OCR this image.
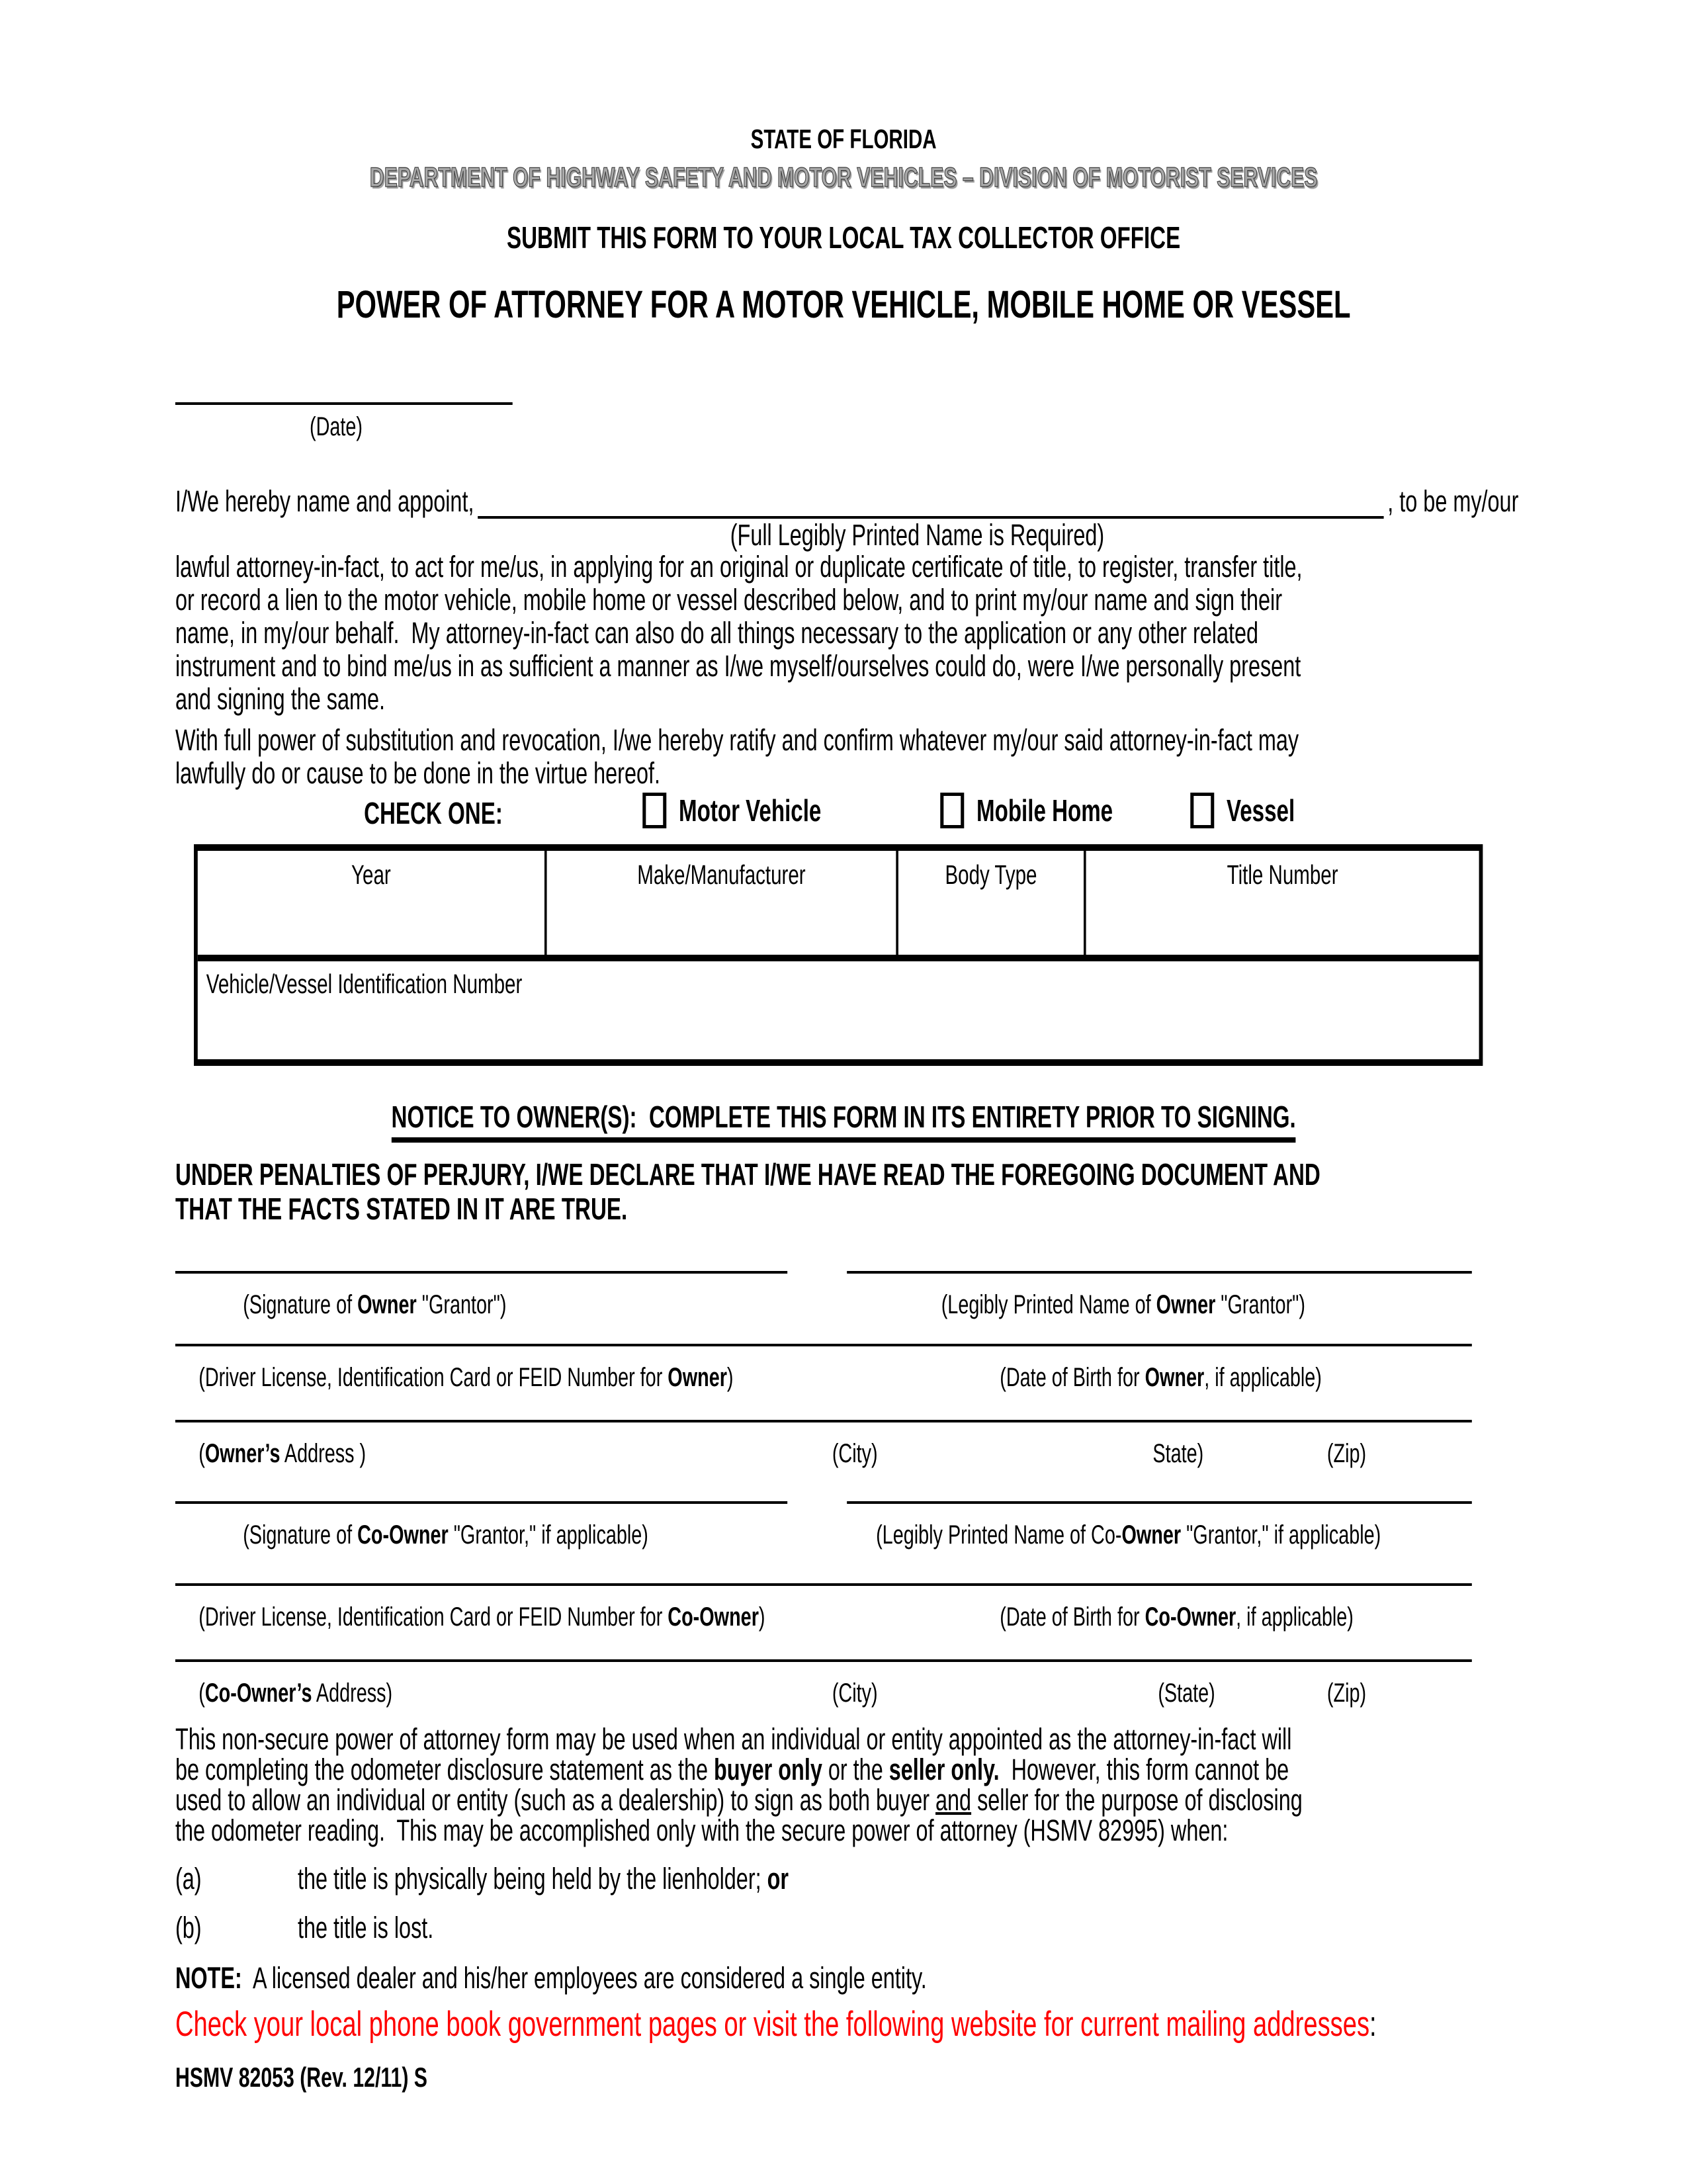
STATE OF FLORIDA
DEPARTMENT OF HIGHWAY SAFETY AND MOTOR VEHICLES – DIVISION OF MOTORIST SERVICES
SUBMIT THIS FORM TO YOUR LOCAL TAX COLLECTOR OFFICE
POWER OF ATTORNEY FOR A MOTOR VEHICLE, MOBILE HOME OR VESSEL
(Date)
I/We hereby name and appoint,	, to be my/our
(Full Legibly Printed Name is Required)
lawful attorney-in-fact, to act for me/us, in applying for an original or duplicate certificate of title, to register, transfer title,
or record a lien to the motor vehicle, mobile home or vessel described below, and to print my/our name and sign their
name, in my/our behalf.  My attorney-in-fact can also do all things necessary to the application or any other related
instrument and to bind me/us in as sufficient a manner as I/we myself/ourselves could do, were I/we personally present
and signing the same.
With full power of substitution and revocation, I/we hereby ratify and confirm whatever my/our said attorney-in-fact may
lawfully do or cause to be done in the virtue hereof.
CHECK ONE:	Motor Vehicle	Mobile Home	Vessel
Year	Make/Manufacturer	Body Type	Title Number
Vehicle/Vessel Identification Number
NOTICE TO OWNER(S):  COMPLETE THIS FORM IN ITS ENTIRETY PRIOR TO SIGNING.
UNDER PENALTIES OF PERJURY, I/WE DECLARE THAT I/WE HAVE READ THE FOREGOING DOCUMENT AND
THAT THE FACTS STATED IN IT ARE TRUE.
(Signature of Owner "Grantor")	(Legibly Printed Name of Owner "Grantor")
(Driver License, Identification Card or FEID Number for Owner)	(Date of Birth for Owner, if applicable)
(Owner’s Address )	(City)	State)	(Zip)
(Signature of Co-Owner "Grantor," if applicable)	(Legibly Printed Name of Co-Owner "Grantor," if applicable)
(Driver License, Identification Card or FEID Number for Co-Owner)	(Date of Birth for Co-Owner, if applicable)
(Co-Owner’s Address)	(City)	(State)	(Zip)
This non-secure power of attorney form may be used when an individual or entity appointed as the attorney-in-fact will
be completing the odometer disclosure statement as the buyer only or the seller only.  However, this form cannot be
used to allow an individual or entity (such as a dealership) to sign as both buyer and seller for the purpose of disclosing
the odometer reading.  This may be accomplished only with the secure power of attorney (HSMV 82995) when:
(a)	the title is physically being held by the lienholder; or
(b)	the title is lost.
NOTE:  A licensed dealer and his/her employees are considered a single entity.
Check your local phone book government pages or visit the following website for current mailing addresses:
HSMV 82053 (Rev. 12/11) S
